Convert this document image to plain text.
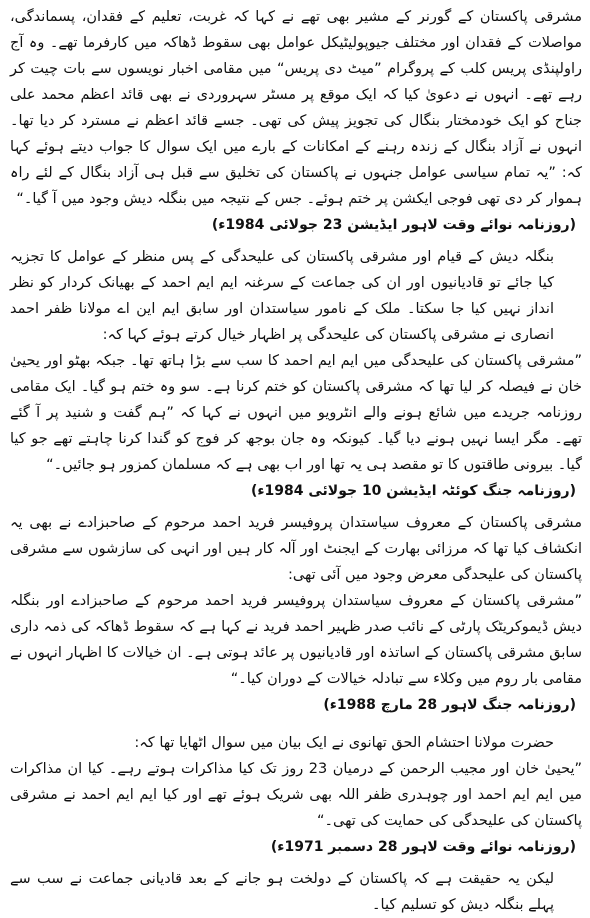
مشرقی پاکستان کے گورنر کے مشیر بھی تھے نے کہا کہ غربت، تعلیم کے فقدان، پسماندگی، مواصلات کے فقدان اور مختلف جیوپولیٹیکل عوامل بھی سقوط ڈھاکہ میں کارفرما تھے۔ وہ آج راولپنڈی پریس کلب کے پروگرام ”میٹ دی پریس“ میں مقامی اخبار نویسوں سے بات چیت کر رہے تھے۔ انہوں نے دعویٰ کیا کہ ایک موقع پر مسٹر سہروردی نے بھی قائد اعظم محمد علی جناح کو ایک خودمختار بنگال کی تجویز پیش کی تھی۔ جسے قائد اعظم نے مسترد کر دیا تھا۔ انہوں نے آزاد بنگال کے زندہ رہنے کے امکانات کے بارے میں ایک سوال کا جواب دیتے ہوئے کہا کہ: ”یہ تمام سیاسی عوامل جنہوں نے پاکستان کی تخلیق سے قبل ہی آزاد بنگال کے لئے راہ ہموار کر دی تھی فوجی ایکشن پر ختم ہوئے۔ جس کے نتیجہ میں بنگلہ دیش وجود میں آ گیا۔“

(روزنامہ نوائے وقت لاہور ایڈیشن 23 جولائی 1984ء)

بنگلہ دیش کے قیام اور مشرقی پاکستان کی علیحدگی کے پس منظر کے عوامل کا تجزیہ کیا جائے تو قادیانیوں اور ان کی جماعت کے سرغنہ ایم ایم احمد کے بھیانک کردار کو نظر انداز نہیں کیا جا سکتا۔ ملک کے نامور سیاستدان اور سابق ایم این اے مولانا ظفر احمد انصاری نے مشرقی پاکستان کی علیحدگی پر اظہار خیال کرتے ہوئے کہا کہ:

”مشرقی پاکستان کی علیحدگی میں ایم ایم احمد کا سب سے بڑا ہاتھ تھا۔ جبکہ بھٹو اور یحییٰ خان نے فیصلہ کر لیا تھا کہ مشرقی پاکستان کو ختم کرنا ہے۔ سو وہ ختم ہو گیا۔ ایک مقامی روزنامہ جریدے میں شائع ہونے والے انٹرویو میں انہوں نے کہا کہ ”ہم گفت و شنید پر آ گئے تھے۔ مگر ایسا نہیں ہونے دیا گیا۔ کیونکہ وہ جان بوجھ کر فوج کو گندا کرنا چاہتے تھے جو کیا گیا۔ بیرونی طاقتوں کا تو مقصد ہی یہ تھا اور اب بھی ہے کہ مسلمان کمزور ہو جائیں۔“

(روزنامہ جنگ کوئٹہ ایڈیشن 10 جولائی 1984ء)

مشرقی پاکستان کے معروف سیاستدان پروفیسر فرید احمد مرحوم کے صاحبزادے نے بھی یہ انکشاف کیا تھا کہ مرزائی بھارت کے ایجنٹ اور آلہ کار ہیں اور انہی کی سازشوں سے مشرقی پاکستان کی علیحدگی معرض وجود میں آئی تھی:

”مشرقی پاکستان کے معروف سیاستدان پروفیسر فرید احمد مرحوم کے صاحبزادے اور بنگلہ دیش ڈیموکریٹک پارٹی کے نائب صدر ظہیر احمد فرید نے کہا ہے کہ سقوط ڈھاکہ کی ذمہ داری سابق مشرقی پاکستان کے اساتذہ اور قادیانیوں پر عائد ہوتی ہے۔ ان خیالات کا اظہار انہوں نے مقامی بار روم میں وکلاء سے تبادلہ خیالات کے دوران کیا۔“

(روزنامہ جنگ لاہور 28 مارچ 1988ء)

حضرت مولانا احتشام الحق تھانوی نے ایک بیان میں سوال اٹھایا تھا کہ:

”یحییٰ خان اور مجیب الرحمن کے درمیان 23 روز تک کیا مذاکرات ہوتے رہے۔ کیا ان مذاکرات میں ایم ایم احمد اور چوہدری ظفر اللہ بھی شریک ہوئے تھے اور کیا ایم ایم احمد نے مشرقی پاکستان کی علیحدگی کی حمایت کی تھی۔“

(روزنامہ نوائے وقت لاہور 28 دسمبر 1971ء)

لیکن یہ حقیقت ہے کہ پاکستان کے دولخت ہو جانے کے بعد قادیانی جماعت نے سب سے پہلے بنگلہ دیش کو تسلیم کیا۔
